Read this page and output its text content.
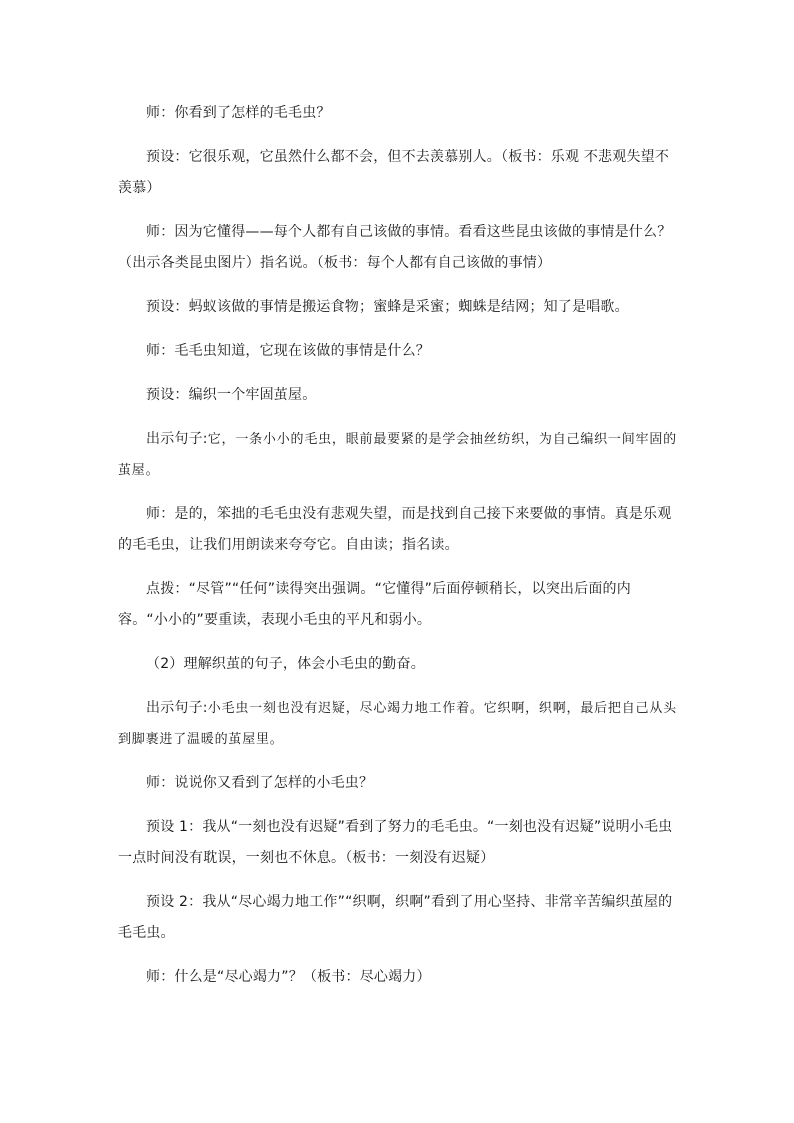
师：你看到了怎样的毛毛虫？

预设：它很乐观，它虽然什么都不会，但不去羡慕别人。（板书：乐观 不悲观失望不羡慕）

师：因为它懂得——每个人都有自己该做的事情。看看这些昆虫该做的事情是什么？（出示各类昆虫图片）指名说。（板书：每个人都有自己该做的事情）

预设：蚂蚁该做的事情是搬运食物；蜜蜂是采蜜；蜘蛛是结网；知了是唱歌。

师：毛毛虫知道，它现在该做的事情是什么？

预设：编织一个牢固茧屋。

出示句子:它，一条小小的毛虫，眼前最要紧的是学会抽丝纺织，为自己编织一间牢固的茧屋。

师：是的，笨拙的毛毛虫没有悲观失望，而是找到自己接下来要做的事情。真是乐观的毛毛虫，让我们用朗读来夸夸它。自由读；指名读。

点拨：“尽管”“任何”读得突出强调。“它懂得”后面停顿稍长，以突出后面的内容。“小小的”要重读，表现小毛虫的平凡和弱小。

（2）理解织茧的句子，体会小毛虫的勤奋。

出示句子:小毛虫一刻也没有迟疑，尽心竭力地工作着。它织啊，织啊，最后把自己从头到脚裹进了温暖的茧屋里。

师：说说你又看到了怎样的小毛虫？

预设 1：我从“一刻也没有迟疑”看到了努力的毛毛虫。“一刻也没有迟疑”说明小毛虫一点时间没有耽误，一刻也不休息。（板书：一刻没有迟疑）

预设 2：我从“尽心竭力地工作”“织啊，织啊”看到了用心坚持、非常辛苦编织茧屋的毛毛虫。

师：什么是“尽心竭力”？（板书：尽心竭力）
